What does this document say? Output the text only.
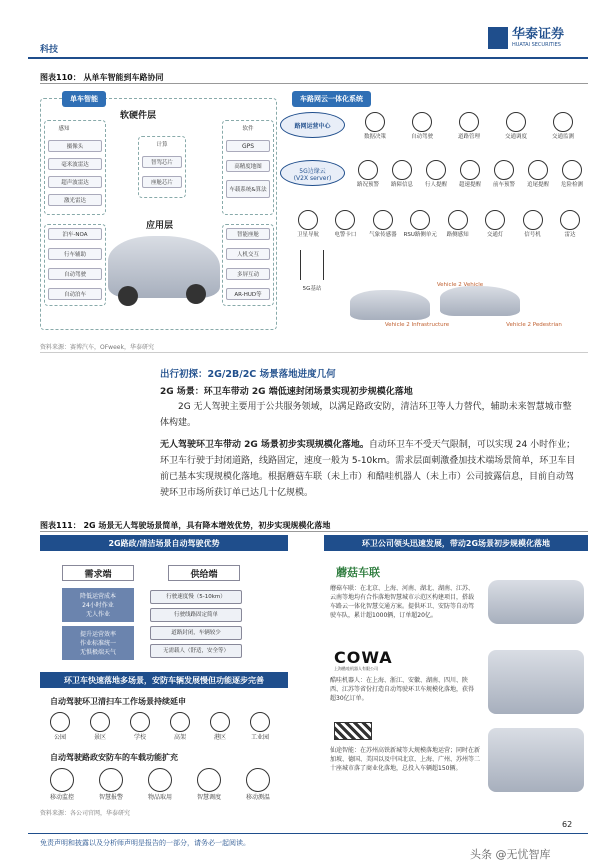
科技
华泰证券
HUATAI SECURITIES
图表110： 从单车智能到车路协同
单车智能
软硬件层
感知
摄像头
毫米波雷达
超声波雷达
激光雷达
计算
智驾芯片
座舱芯片
软件
GPS
高精度地图
车载系统&算法
应用层
泊车-NOA
行车辅助
自动驾驶
自动泊车
智能座舱
人机交互
多屏互动
AR-HUD等
车路网云一体化系统
路网运营中心
数据决策	自动驾驶	道路管理	交通调度	交通监测
5G边缘云
(V2X server)
路况预警	路障信息	行人提醒	超速提醒	前车预警	追尾提醒	危险检测
卫星导航	电警卡口	气象传感器	RSU路侧单元	路侧感知	交通灯	信号机	雷达
5G基站
Vehicle 2 Vehicle
Vehicle 2 Infrastructure	Vehicle 2 Pedestrian
资料来源：赛博汽车，OFweek，华泰研究
出行初探：2G/2B/2C 场景落地进度几何
2G 场景：环卫车带动 2G 端低速封闭场景实现初步规模化落地

2G 无人驾驶主要用于公共服务领域，以满足路政安防，清洁环卫等人力替代，辅助未来智慧城市整体构建。

无人驾驶环卫车带动 2G 场景初步实现规模化落地。自动环卫车不受天气限制，可以实现 24 小时作业；环卫车行驶于封闭道路，线路固定，速度一般为 5-10km。需求层面刺激叠加技术端场景简单，环卫车目前已基本实现规模化落地。根据蘑菇车联（未上市）和酷哇机器人（未上市）公司披露信息，目前自动驾驶环卫市场所获订单已达几十亿规模。

图表111： 2G 场景无人驾驶场景简单，具有降本增效优势，初步实现规模化落地
2G路政/清洁场景自动驾驶优势
需求端	供给端
降低运营成本
24小时作业
无人作业
提升运营效率
作业标准统一
无惧极端天气
行驶速度慢（5-10km）
行驶线路固定简单
道路封闭，车辆较少
无需载人（舒适，安全等）
环卫车快速落地多场景，安防车辆发展慢但功能逐步完善
自动驾驶环卫清扫车工作场景持续延申
公园	景区	学校	高架	港区	工业园
自动驾驶路政安防车的车载功能扩充
移动监控	智慧报警	物品取用	智慧调度	移动测温
环卫公司领头迅速发展，带动2G场景初步规模化落地
蘑菇车联
蘑菇车联：在北京、上海、河南、湖北、湖南、江苏、云南等地均有合作落地智慧城市示范区构建项目，搭载车路云一体化智慧交通方案。提供环卫、安防等自动驾驶车队，累计超1000辆，订单超20亿。
COWA
上海酷哇机器人有限公司
酷哇机器人：在上海、浙江、安徽、湖南、四川、陕西、江苏等省份打造自动驾驶环卫车规模化落地，获得超30亿订单。
仙途智能：在苏州高铁新城等大规模落地运营；同时在新加坡、德国、美国以及中国北京、上海、广州、苏州等二十座城市落了商业化落地，总投入车辆超150辆。
资料来源：各公司官网，华泰研究
免责声明和披露以及分析师声明是报告的一部分，请务必一起阅读。
62
头条 @无忧智库
